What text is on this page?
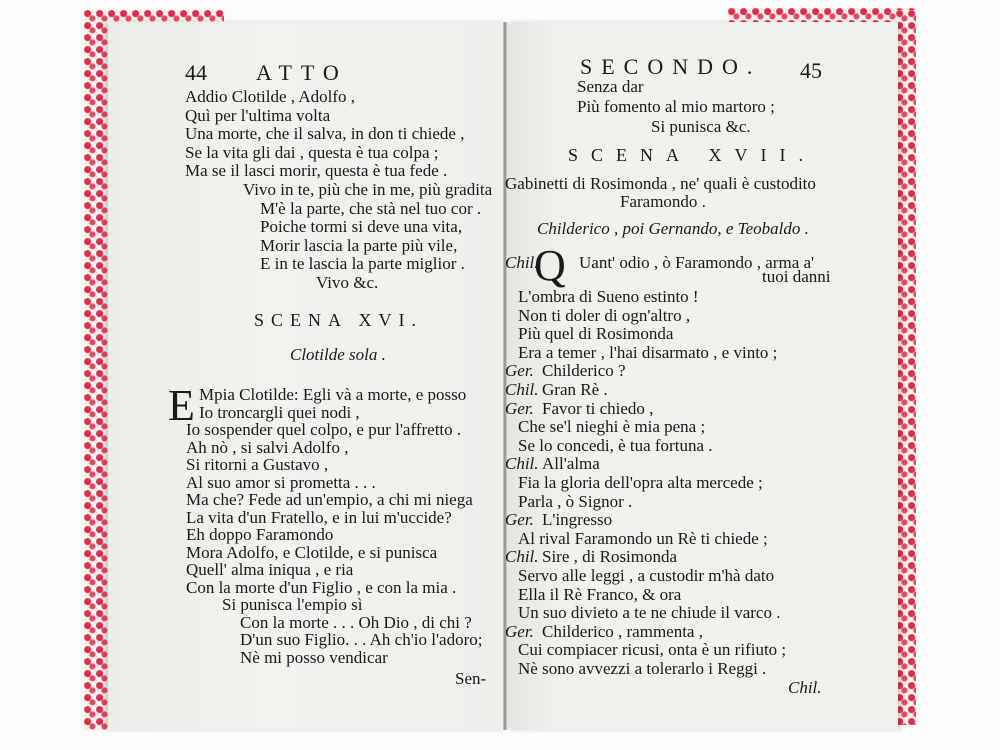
44 ATTO
Addio Clotilde , Adolfo ,
Quì per l'ultima volta
Una morte, che il salva, in don ti chiede ,
Se la vita gli dai , questa è tua colpa ;
Ma se il lasci morir, questa è tua fede .
Vivo in te, più che in me, più gradita
M'è la parte, che stà nel tuo cor .
Poiche tormi si deve una vita,
Morir lascia la parte più vile,
E in te lascia la parte miglior .
Vivo &c.
SCENA XVI.
Clotilde sola .
E Mpia Clotilde: Egli và a morte, e posso
Io troncargli quei nodi ,
Io sospender quel colpo, e pur l'affretto .
Ah nò , si salvi Adolfo ,
Si ritorni a Gustavo ,
Al suo amor si prometta . . .
Ma che? Fede ad un'empio, a chi mi niega
La vita d'un Fratello, e in lui m'uccide?
Eh doppo Faramondo
Mora Adolfo, e Clotilde, e si punisca
Quell' alma iniqua , e ria
Con la morte d'un Figlio , e con la mia .
Si punisca l'empio sì
Con la morte . . . Oh Dio , di chi ?
D'un suo Figlio. . . Ah ch'io l'adoro;
Nè mi posso vendicar
Sen-
SECONDO. 45
Senza dar
Più fomento al mio martoro ;
Si punisca &c.
SCENA XVII.
Gabinetti di Rosimonda , ne' quali è custodito
Faramondo .
Childerico , poi Gernando, e Teobaldo .
Chil.
Q Uant' odio , ò Faramondo , arma a'
tuoi danni
L'ombra di Sueno estinto !
Non ti doler di ogn'altro ,
Più quel di Rosimonda
Era a temer , l'hai disarmato , e vinto ;
Ger. Childerico ?
Chil. Gran Rè .
Ger. Favor ti chiedo ,
Che se'l nieghi è mia pena ;
Se lo concedi, è tua fortuna .
Chil. All'alma
Fia la gloria dell'opra alta mercede ;
Parla , ò Signor .
Ger. L'ingresso
Al rival Faramondo un Rè ti chiede ;
Chil. Sire , di Rosimonda
Servo alle leggi , a custodir m'hà dato
Ella il Rè Franco, & ora
Un suo divieto a te ne chiude il varco .
Ger. Childerico , rammenta ,
Cui compiacer ricusi, onta è un rifiuto ;
Nè sono avvezzi a tolerarlo i Reggi .
Chil.
